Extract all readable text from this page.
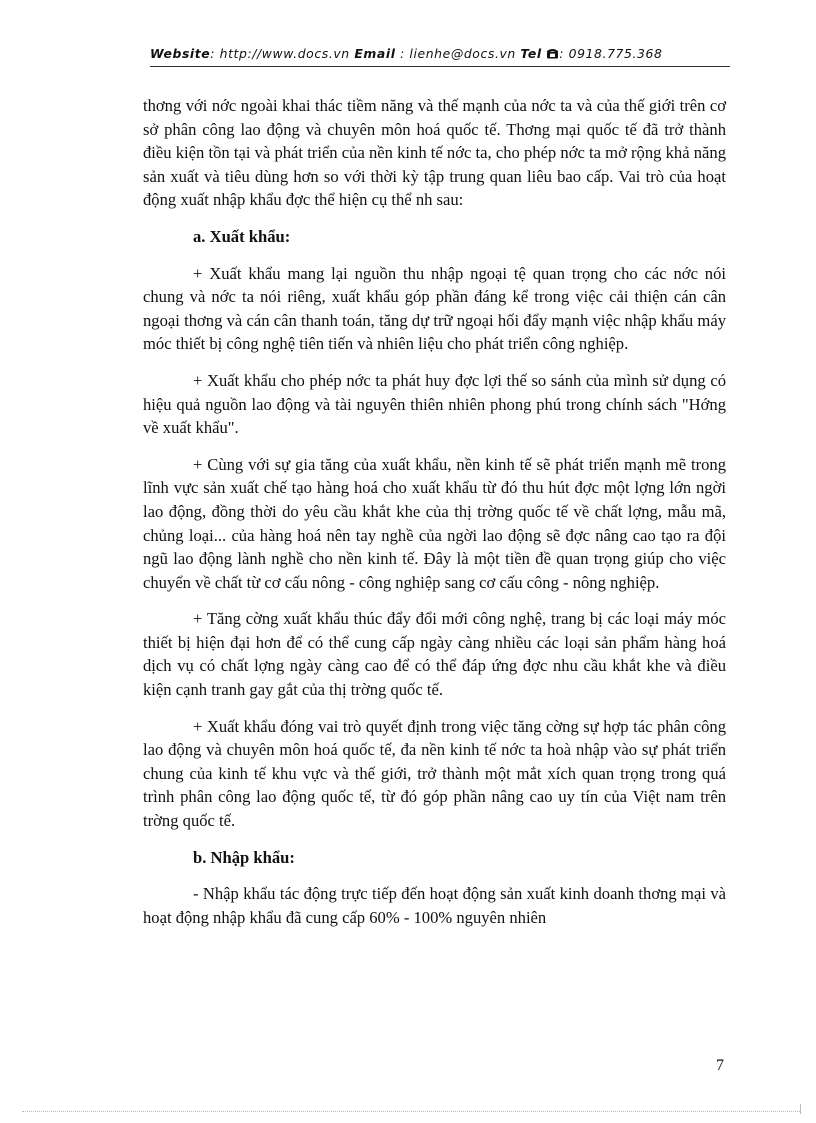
Website: http://www.docs.vn Email : lienhe@docs.vn Tel : 0918.775.368

thơng với nớc ngoài khai thác tiềm năng và thế mạnh của nớc ta và của thế giới trên cơ sở phân công lao động và chuyên môn hoá quốc tế. Thơng mại quốc tế đã trở thành điều kiện tồn tại và phát triển của nền kinh tế nớc ta, cho phép nớc ta mở rộng khả năng sản xuất và tiêu dùng hơn so với thời kỳ tập trung quan liêu bao cấp. Vai trò của hoạt động xuất nhập khẩu đợc thể hiện cụ thể nh sau:

a. Xuất khẩu:

+ Xuất khẩu mang lại nguồn thu nhập ngoại tệ quan trọng cho các nớc nói chung và nớc ta nói riêng, xuất khẩu góp phần đáng kể trong việc cải thiện cán cân ngoại thơng và cán cân thanh toán, tăng dự trữ ngoại hối đẩy mạnh việc nhập khẩu máy móc thiết bị công nghệ tiên tiến và nhiên liệu cho phát triển công nghiệp.

+ Xuất khẩu cho phép nớc ta phát huy đợc lợi thế so sánh của mình sử dụng có hiệu quả nguồn lao động và tài nguyên thiên nhiên phong phú trong chính sách "Hớng về xuất khẩu".

+ Cùng với sự gia tăng của xuất khẩu, nền kinh tế sẽ phát triển mạnh mẽ trong lĩnh vực sản xuất chế tạo hàng hoá cho xuất khẩu từ đó thu hút đợc một lợng lớn ngời lao động, đồng thời do yêu cầu khắt khe của thị trờng quốc tế về chất lợng, mẫu mã, chủng loại... của hàng hoá nên tay nghề của ngời lao động sẽ đợc nâng cao tạo ra đội ngũ lao động lành nghề cho nền kinh tế. Đây là một tiền đề quan trọng giúp cho việc chuyển về chất từ cơ cấu nông - công nghiệp sang cơ cấu công - nông nghiệp.

+ Tăng cờng xuất khẩu thúc đẩy đổi mới công nghệ, trang bị các loại máy móc thiết bị hiện đại hơn để có thể cung cấp ngày càng nhiều các loại sản phẩm hàng hoá dịch vụ có chất lợng ngày càng cao để có thể đáp ứng đợc nhu cầu khắt khe và điều kiện cạnh tranh gay gắt của thị trờng quốc tế.

+ Xuất khẩu đóng vai trò quyết định trong việc tăng cờng sự hợp tác phân công lao động và chuyên môn hoá quốc tế, đa nền kinh tế nớc ta hoà nhập vào sự phát triển chung của kinh tế khu vực và thế giới, trở thành một mắt xích quan trọng trong quá trình phân công lao động quốc tế, từ đó góp phần nâng cao uy tín của Việt nam trên trờng quốc tế.

b. Nhập khẩu:

- Nhập khẩu tác động trực tiếp đến hoạt động sản xuất kinh doanh thơng mại và hoạt động nhập khẩu đã cung cấp 60% - 100% nguyên nhiên

7
